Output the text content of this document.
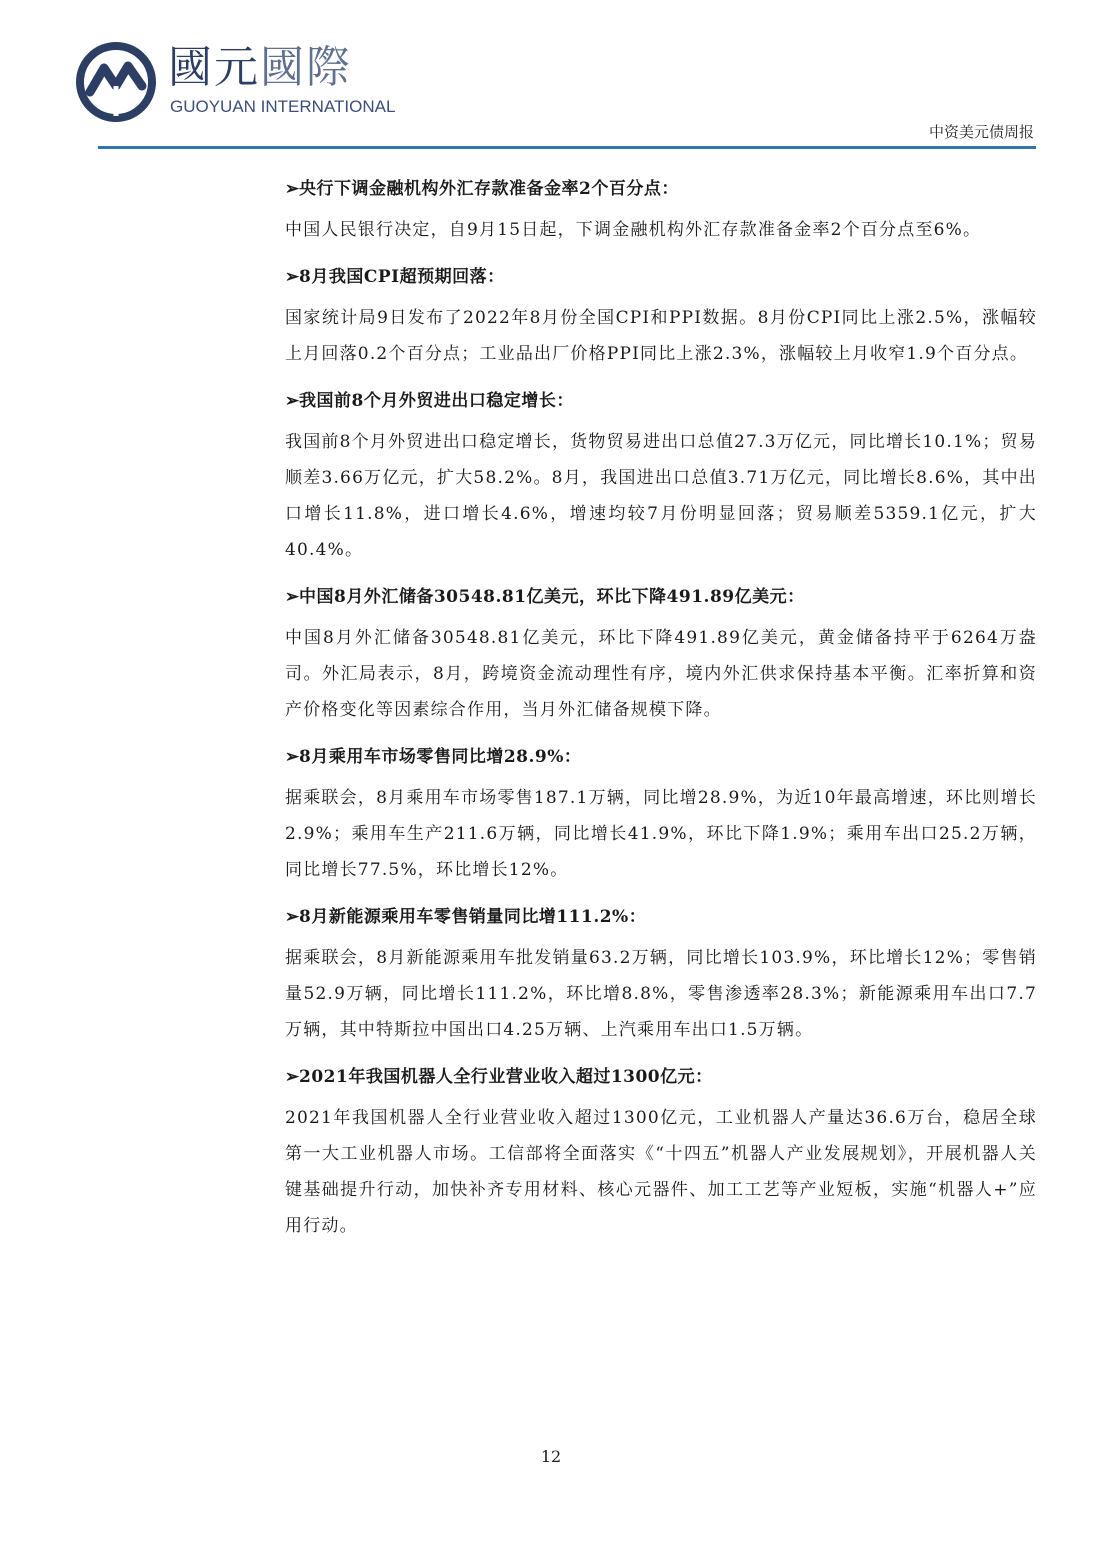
國元國際
GUOYUAN INTERNATIONAL
中资美元债周报
➢央行下调金融机构外汇存款准备金率2个百分点：

中国人民银行决定，自9月15日起，下调金融机构外汇存款准备金率2个百分点至6%。

➢8月我国CPI超预期回落：

国家统计局9日发布了2022年8月份全国CPI和PPI数据。8月份CPI同比上涨2.5%，涨幅较上月回落0.2个百分点；工业品出厂价格PPI同比上涨2.3%，涨幅较上月收窄1.9个百分点。

➢我国前8个月外贸进出口稳定增长：

我国前8个月外贸进出口稳定增长，货物贸易进出口总值27.3万亿元，同比增长10.1%；贸易顺差3.66万亿元，扩大58.2%。8月，我国进出口总值3.71万亿元，同比增长8.6%，其中出口增长11.8%，进口增长4.6%，增速均较7月份明显回落；贸易顺差5359.1亿元，扩大40.4%。

➢中国8月外汇储备30548.81亿美元，环比下降491.89亿美元：

中国8月外汇储备30548.81亿美元，环比下降491.89亿美元，黄金储备持平于6264万盎司。外汇局表示，8月，跨境资金流动理性有序，境内外汇供求保持基本平衡。汇率折算和资产价格变化等因素综合作用，当月外汇储备规模下降。

➢8月乘用车市场零售同比增28.9%：

据乘联会，8月乘用车市场零售187.1万辆，同比增28.9%，为近10年最高增速，环比则增长2.9%；乘用车生产211.6万辆，同比增长41.9%，环比下降1.9%；乘用车出口25.2万辆，同比增长77.5%，环比增长12%。

➢8月新能源乘用车零售销量同比增111.2%：

据乘联会，8月新能源乘用车批发销量63.2万辆，同比增长103.9%，环比增长12%；零售销量52.9万辆，同比增长111.2%，环比增8.8%，零售渗透率28.3%；新能源乘用车出口7.7万辆，其中特斯拉中国出口4.25万辆、上汽乘用车出口1.5万辆。

➢2021年我国机器人全行业营业收入超过1300亿元：

2021年我国机器人全行业营业收入超过1300亿元，工业机器人产量达36.6万台，稳居全球第一大工业机器人市场。工信部将全面落实《“十四五”机器人产业发展规划》，开展机器人关键基础提升行动，加快补齐专用材料、核心元器件、加工工艺等产业短板，实施“机器人+”应用行动。

12
